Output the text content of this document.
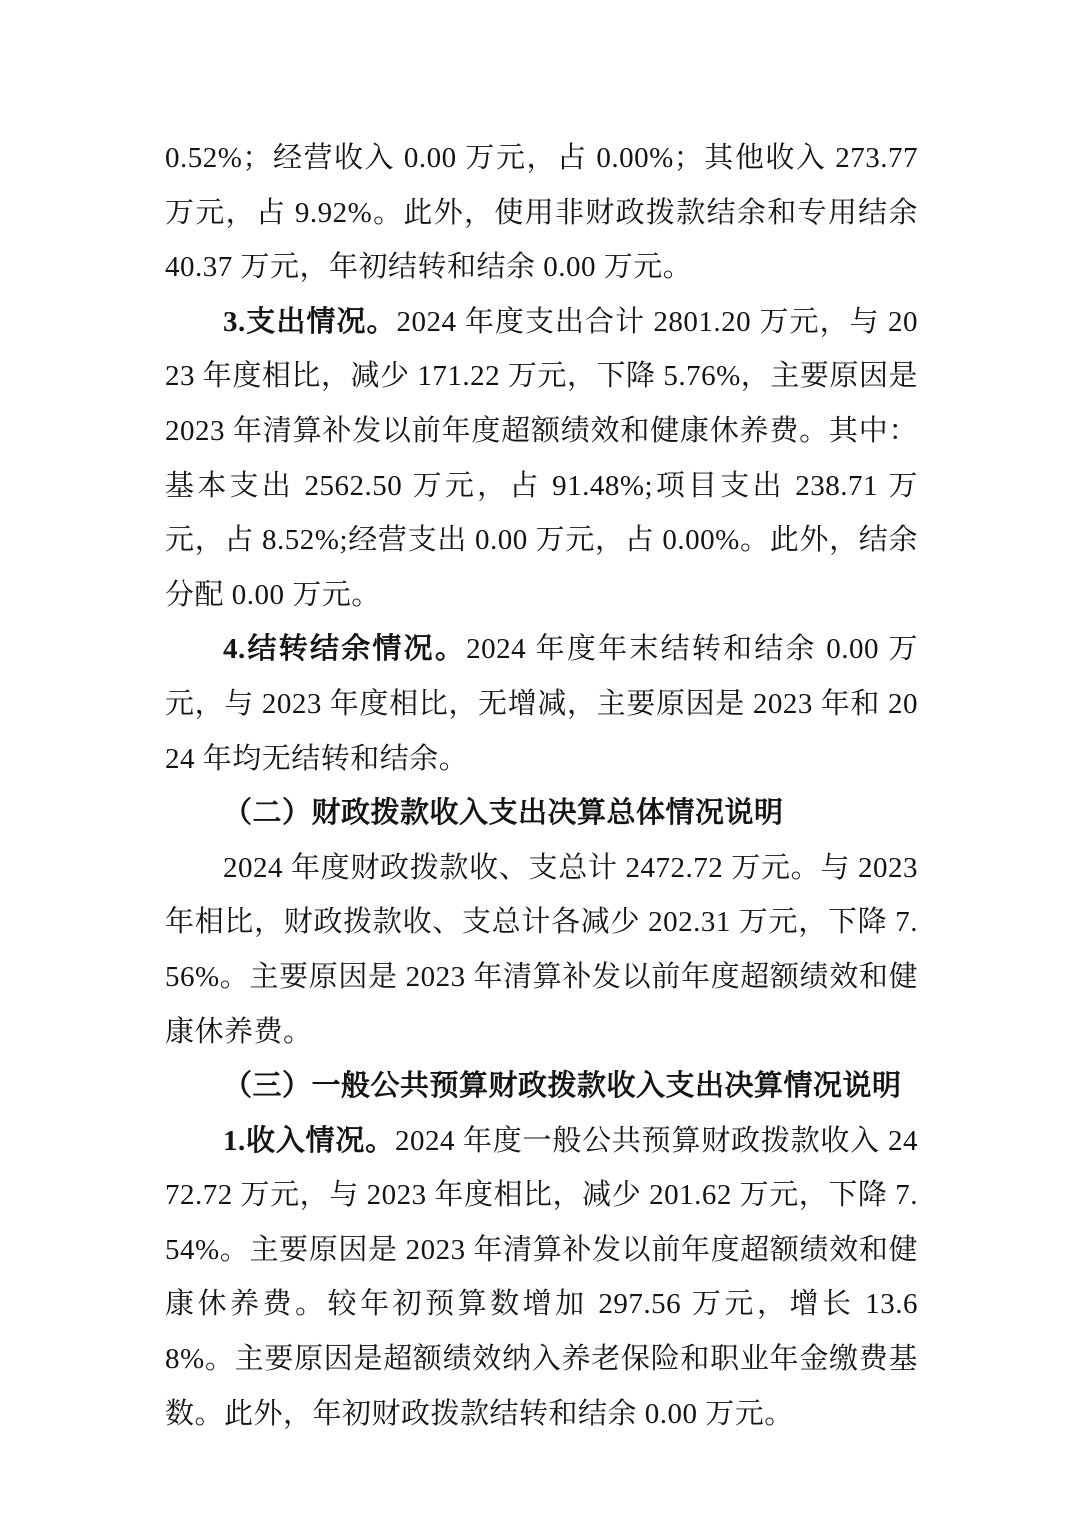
0.52%；经营收入 0.00 万元，占 0.00%；其他收入 273.77 万元，占 9.92%。此外，使用非财政拨款结余和专用结余 40.37 万元，年初结转和结余 0.00 万元。

3.支出情况。2024 年度支出合计 2801.20 万元，与 2023 年度相比，减少 171.22 万元，下降 5.76%，主要原因是 2023 年清算补发以前年度超额绩效和健康休养费。其中：基本支出 2562.50 万元，占 91.48%;项目支出 238.71 万元，占 8.52%;经营支出 0.00 万元，占 0.00%。此外，结余分配 0.00 万元。

4.结转结余情况。2024 年度年末结转和结余 0.00 万元，与 2023 年度相比，无增减，主要原因是 2023 年和 2024 年均无结转和结余。

（二）财政拨款收入支出决算总体情况说明

2024 年度财政拨款收、支总计 2472.72 万元。与 2023 年相比，财政拨款收、支总计各减少 202.31 万元，下降 7.56%。主要原因是 2023 年清算补发以前年度超额绩效和健康休养费。

（三）一般公共预算财政拨款收入支出决算情况说明

1.收入情况。2024 年度一般公共预算财政拨款收入 2472.72 万元，与 2023 年度相比，减少 201.62 万元，下降 7.54%。主要原因是 2023 年清算补发以前年度超额绩效和健康休养费。较年初预算数增加 297.56 万元，增长 13.68%。主要原因是超额绩效纳入养老保险和职业年金缴费基数。此外，年初财政拨款结转和结余 0.00 万元。
